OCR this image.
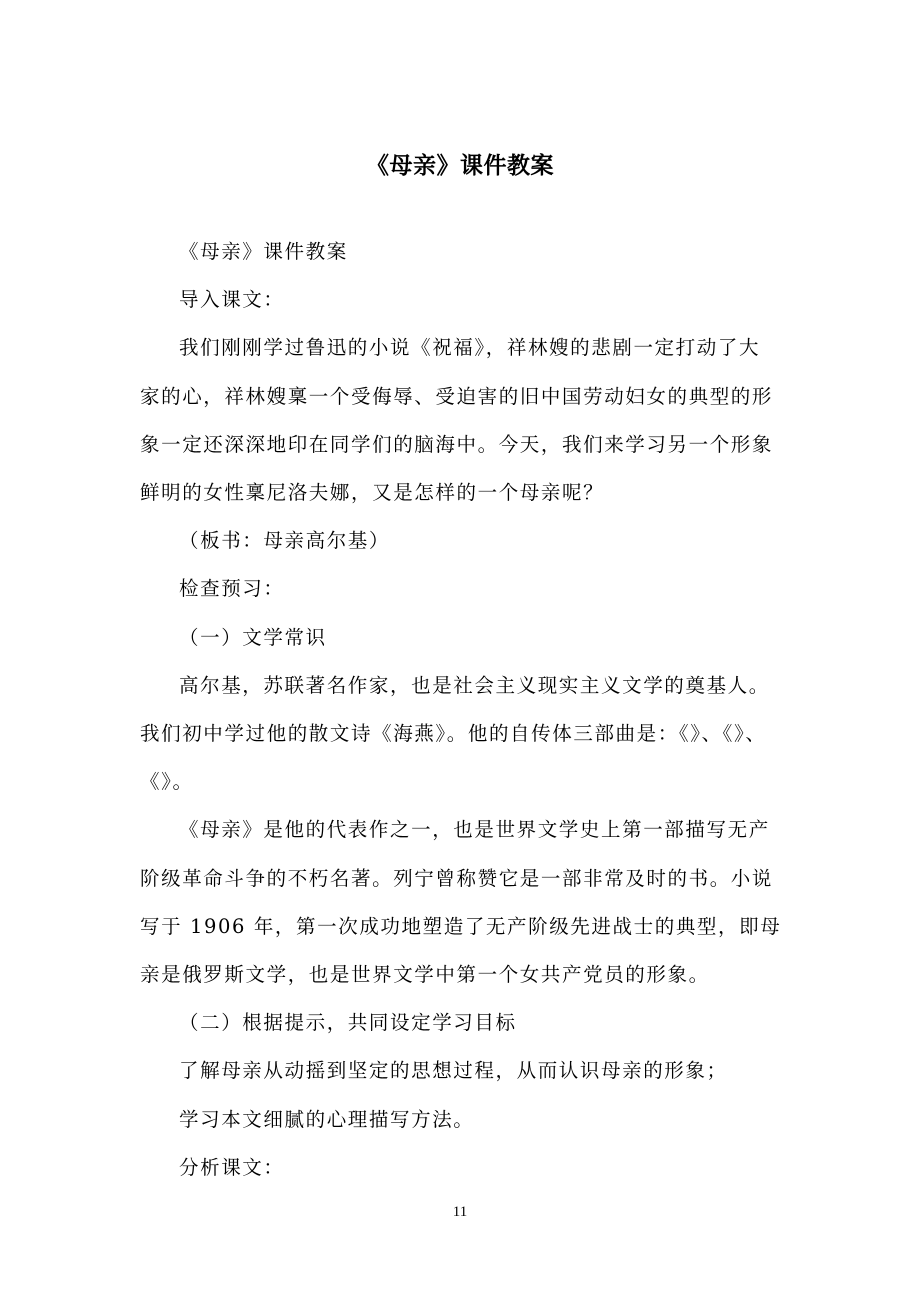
《母亲》课件教案

《母亲》课件教案

导入课文：

我们刚刚学过鲁迅的小说《祝福》，祥林嫂的悲剧一定打动了大
家的心，祥林嫂稟一个受侮辱、受迫害的旧中国劳动妇女的典型的形
象一定还深深地印在同学们的脑海中。今天，我们来学习另一个形象
鲜明的女性稟尼洛夫娜，又是怎样的一个母亲呢？

（板书：母亲高尔基）

检查预习：

（一）文学常识

高尔基，苏联著名作家，也是社会主义现实主义文学的奠基人。
我们初中学过他的散文诗《海燕》。他的自传体三部曲是：《》、《》、
《》。

《母亲》是他的代表作之一，也是世界文学史上第一部描写无产
阶级革命斗争的不朽名著。列宁曾称赞它是一部非常及时的书。小说
写于 1906 年，第一次成功地塑造了无产阶级先进战士的典型，即母
亲是俄罗斯文学，也是世界文学中第一个女共产党员的形象。

（二）根据提示，共同设定学习目标

了解母亲从动摇到坚定的思想过程，从而认识母亲的形象；

学习本文细腻的心理描写方法。

分析课文：

11
